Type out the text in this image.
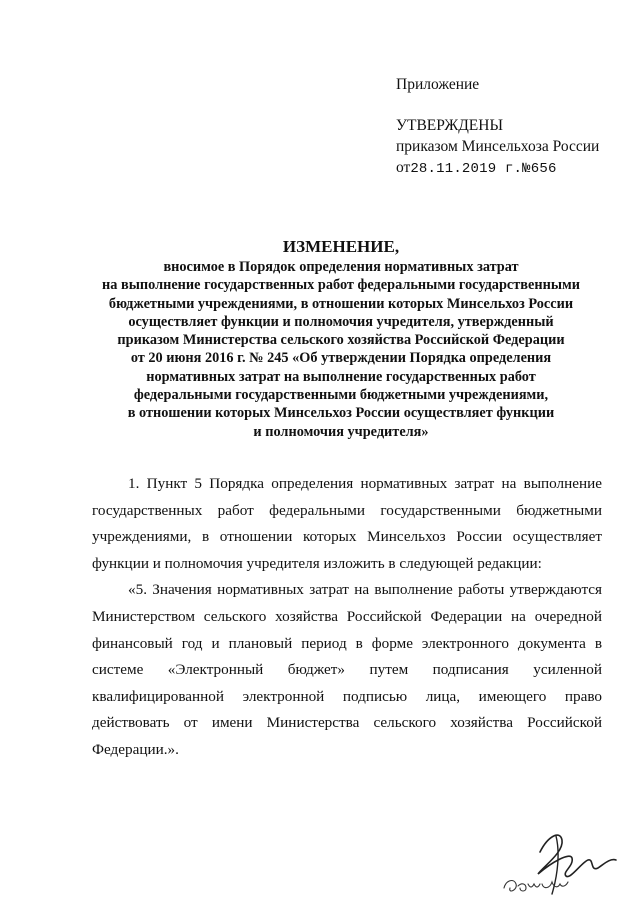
Приложение
УТВЕРЖДЕНЫ
приказом Минсельхоза России
от28.11.2019 г.№656
ИЗМЕНЕНИЕ,
вносимое в Порядок определения нормативных затрат
на выполнение государственных работ федеральными государственными
бюджетными учреждениями, в отношении которых Минсельхоз России
осуществляет функции и полномочия учредителя, утвержденный
приказом Министерства сельского хозяйства Российской Федерации
от 20 июня 2016 г. № 245 «Об утверждении Порядка определения
нормативных затрат на выполнение государственных работ
федеральными государственными бюджетными учреждениями,
в отношении которых Минсельхоз России осуществляет функции
и полномочия учредителя»

1. Пункт 5 Порядка определения нормативных затрат на выполнение государственных работ федеральными государственными бюджетными учреждениями, в отношении которых Минсельхоз России осуществляет функции и полномочия учредителя изложить в следующей редакции:

«5. Значения нормативных затрат на выполнение работы утверждаются Министерством сельского хозяйства Российской Федерации на очередной финансовый год и плановый период в форме электронного документа в системе «Электронный бюджет» путем подписания усиленной квалифицированной электронной подписью лица, имеющего право действовать от имени Министерства сельского хозяйства Российской Федерации.».
